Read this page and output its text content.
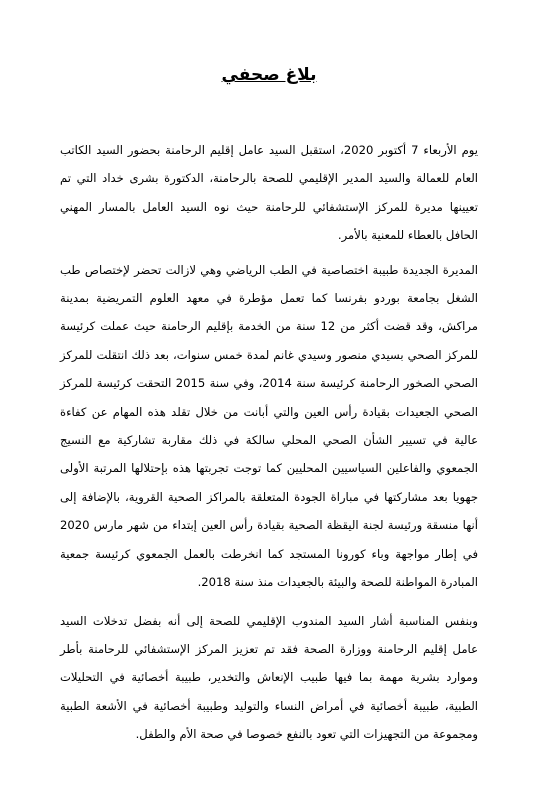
بلاغ صحفي

يوم الأربعاء 7 أكتوبر 2020، استقبل السيد عامل إقليم الرحامنة بحضور السيد الكاتب العام للعمالة والسيد المدير الإقليمي للصحة بالرحامنة، الدكتورة بشرى خداد التي تم تعيينها مديرة للمركز الإستشفائي للرحامنة حيث نوه السيد العامل بالمسار المهني الحافل بالعطاء للمعنية بالأمر.

المديرة الجديدة طبيبة اختصاصية في الطب الرياضي وهي لازالت تحضر لإختصاص طب الشغل بجامعة بوردو بفرنسا كما تعمل مؤطرة في معهد العلوم التمريضية بمدينة مراكش، وقد قضت أكثر من 12 سنة من الخدمة بإقليم الرحامنة حيث عملت كرئيسة للمركز الصحي بسيدي منصور وسيدي غانم لمدة خمس سنوات، بعد ذلك انتقلت للمركز الصحي الصخور الرحامنة كرئيسة سنة 2014، وفي سنة 2015 التحقت كرئيسة للمركز الصحي الجعيدات بقيادة رأس العين والتي أبانت من خلال تقلد هذه المهام عن كفاءة عالية في تسيير الشأن الصحي المحلي سالكة في ذلك مقاربة تشاركية مع النسيج الجمعوي والفاعلين السياسيين المحليين كما توجت تجربتها هذه بإحتلالها المرتبة الأولى جهويا بعد مشاركتها في مباراة الجودة المتعلقة بالمراكز الصحية القروية، بالإضافة إلى أنها منسقة ورئيسة لجنة اليقظة الصحية بقيادة رأس العين إبتداء من شهر مارس 2020 في إطار مواجهة وباء كورونا المستجد كما انخرطت بالعمل الجمعوي كرئيسة جمعية المبادرة المواطنة للصحة والبيئة بالجعيدات منذ سنة 2018.

وبنفس المناسبة أشار السيد المندوب الإقليمي للصحة إلى أنه بفضل تدخلات السيد عامل إقليم الرحامنة ووزارة الصحة فقد تم تعزيز المركز الإستشفائي للرحامنة بأطر وموارد بشرية مهمة بما فيها طبيب الإنعاش والتخدير، طبيبة أخصائية في التحليلات الطبية، طبيبة أخصائية في أمراض النساء والتوليد وطبيبة أخصائية في الأشعة الطبية ومجموعة من التجهيزات التي تعود بالنفع خصوصا في صحة الأم والطفل.
